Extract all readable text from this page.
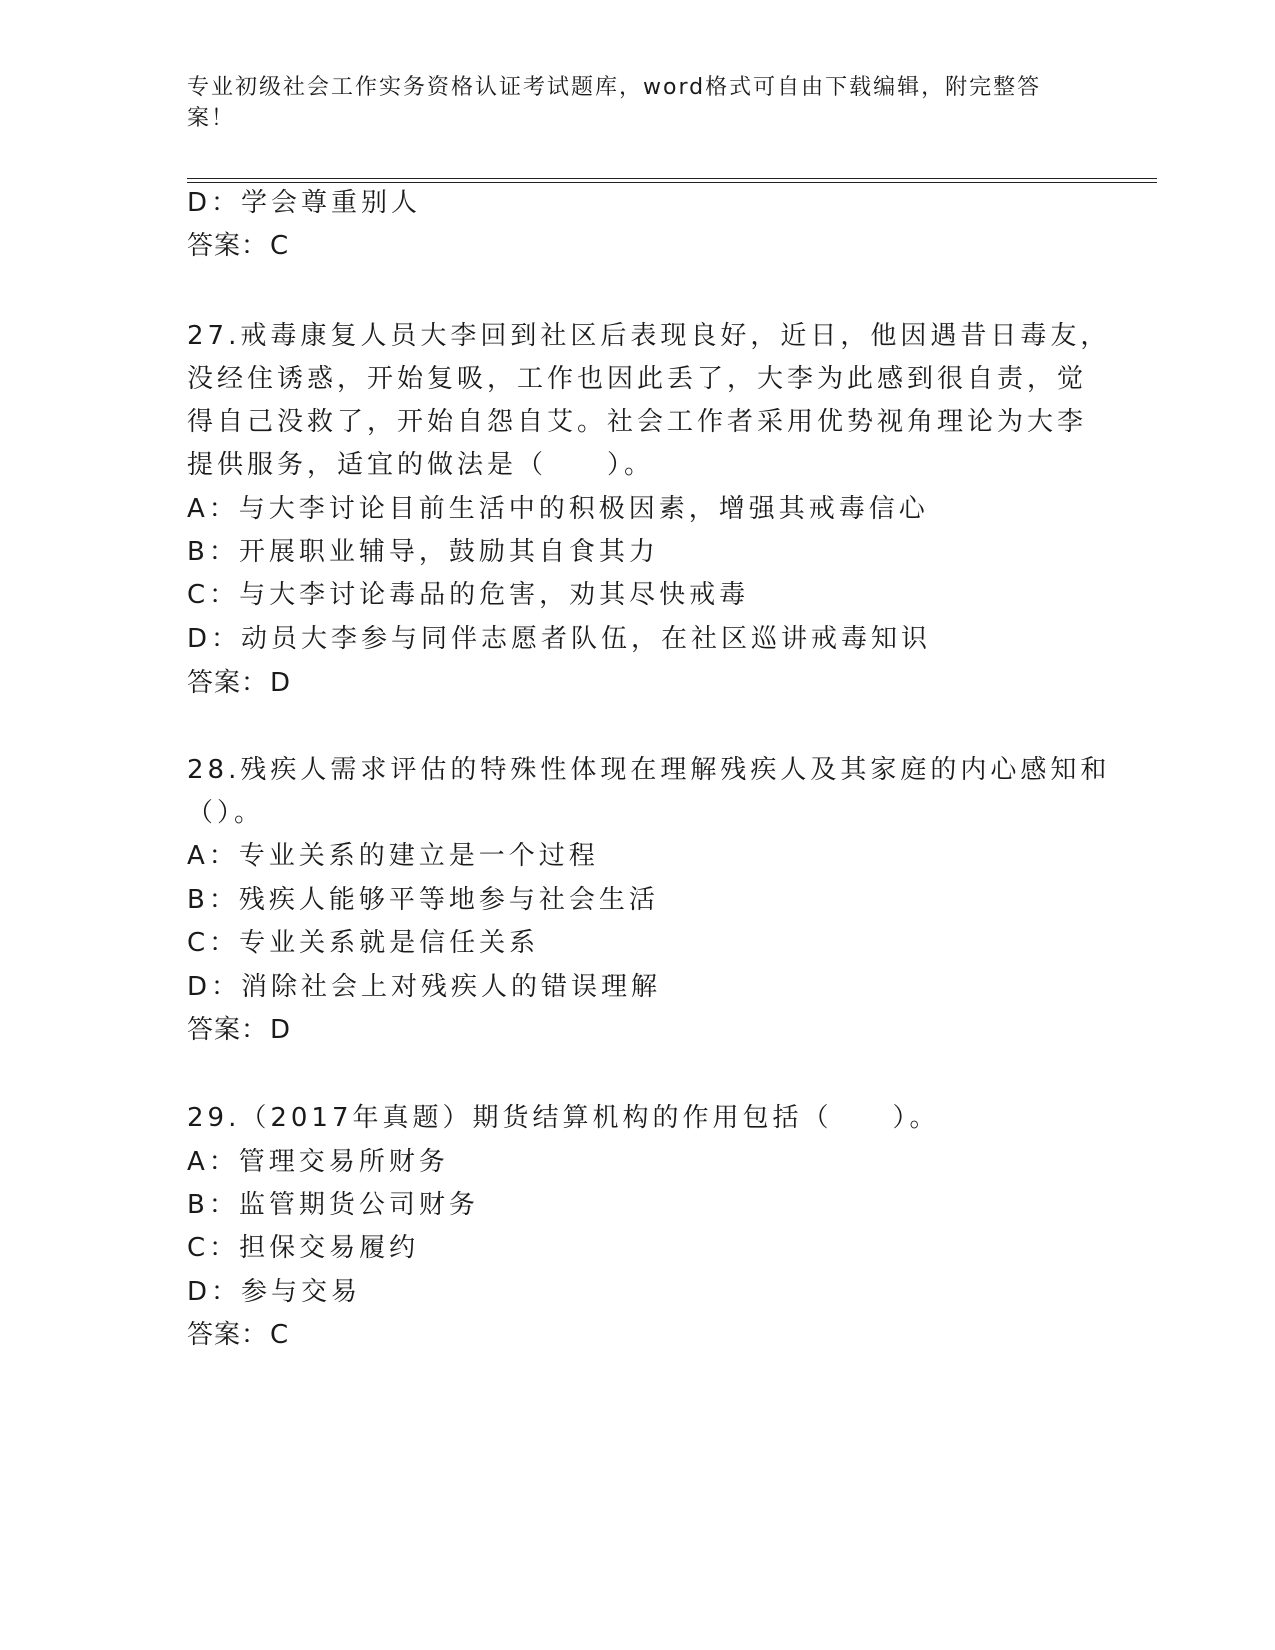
专业初级社会工作实务资格认证考试题库，word格式可自由下载编辑，附完整答案！
D：学会尊重别人
答案：C
27.戒毒康复人员大李回到社区后表现良好，近日，他因遇昔日毒友，
没经住诱惑，开始复吸，工作也因此丢了，大李为此感到很自责，觉
得自己没救了，开始自怨自艾。社会工作者采用优势视角理论为大李
提供服务，适宜的做法是（　　）。
A：与大李讨论目前生活中的积极因素，增强其戒毒信心
B：开展职业辅导，鼓励其自食其力
C：与大李讨论毒品的危害，劝其尽快戒毒
D：动员大李参与同伴志愿者队伍，在社区巡讲戒毒知识
答案：D
28.残疾人需求评估的特殊性体现在理解残疾人及其家庭的内心感知和
（）。
A：专业关系的建立是一个过程
B：残疾人能够平等地参与社会生活
C：专业关系就是信任关系
D：消除社会上对残疾人的错误理解
答案：D
29.（2017年真题）期货结算机构的作用包括（　　）。
A：管理交易所财务
B：监管期货公司财务
C：担保交易履约
D：参与交易
答案：C
